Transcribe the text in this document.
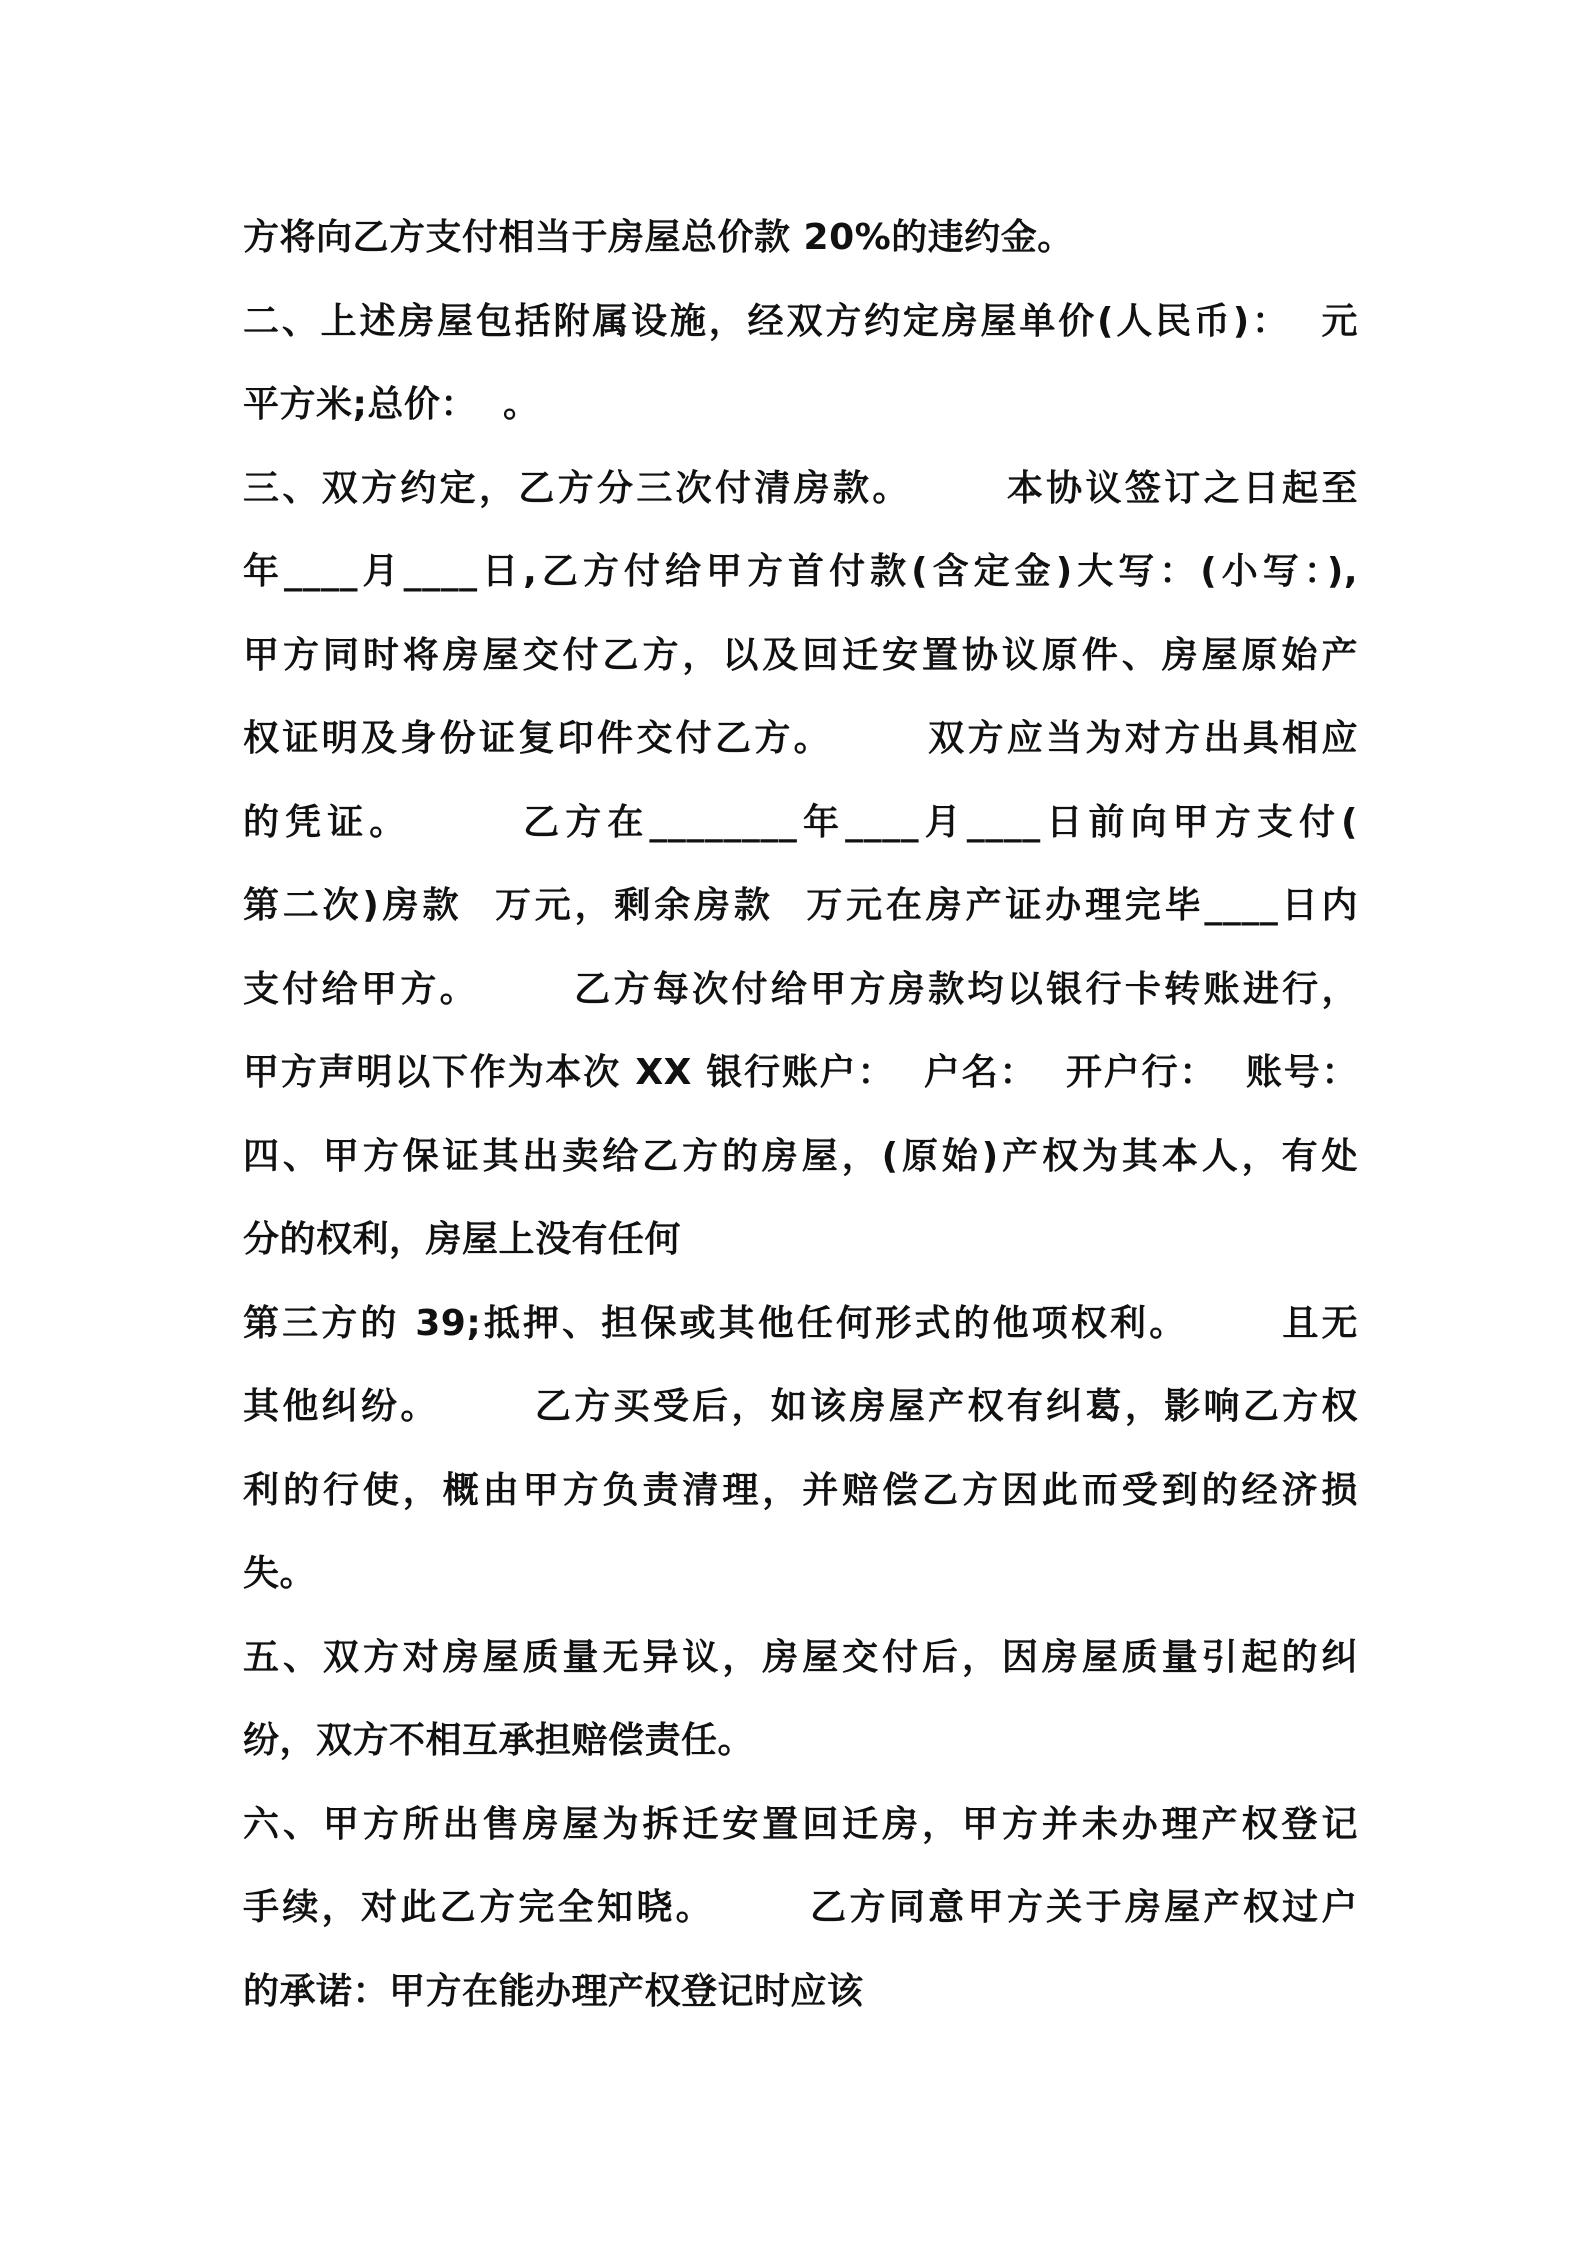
方将向乙方支付相当于房屋总价款 20%的违约金。
二、上述房屋包括附属设施，经双方约定房屋单价(人民币)：  元
平方米;总价：  。
三、双方约定，乙方分三次付清房款。      本协议签订之日起至
年____月____日,乙方付给甲方首付款(含定金)大写：(小写：),
甲方同时将房屋交付乙方，以及回迁安置协议原件、房屋原始产
权证明及身份证复印件交付乙方。      双方应当为对方出具相应
的凭证。      乙方在________年____月____日前向甲方支付(
第二次)房款  万元，剩余房款  万元在房产证办理完毕____日内
支付给甲方。      乙方每次付给甲方房款均以银行卡转账进行，
甲方声明以下作为本次 XX 银行账户：  户名：  开户行：  账号：
四、甲方保证其出卖给乙方的房屋，(原始)产权为其本人，有处
分的权利，房屋上没有任何
第三方的 39;抵押、担保或其他任何形式的他项权利。      且无
其他纠纷。      乙方买受后，如该房屋产权有纠葛，影响乙方权
利的行使，概由甲方负责清理，并赔偿乙方因此而受到的经济损
失。
五、双方对房屋质量无异议，房屋交付后，因房屋质量引起的纠
纷，双方不相互承担赔偿责任。
六、甲方所出售房屋为拆迁安置回迁房，甲方并未办理产权登记
手续，对此乙方完全知晓。      乙方同意甲方关于房屋产权过户
的承诺：甲方在能办理产权登记时应该
